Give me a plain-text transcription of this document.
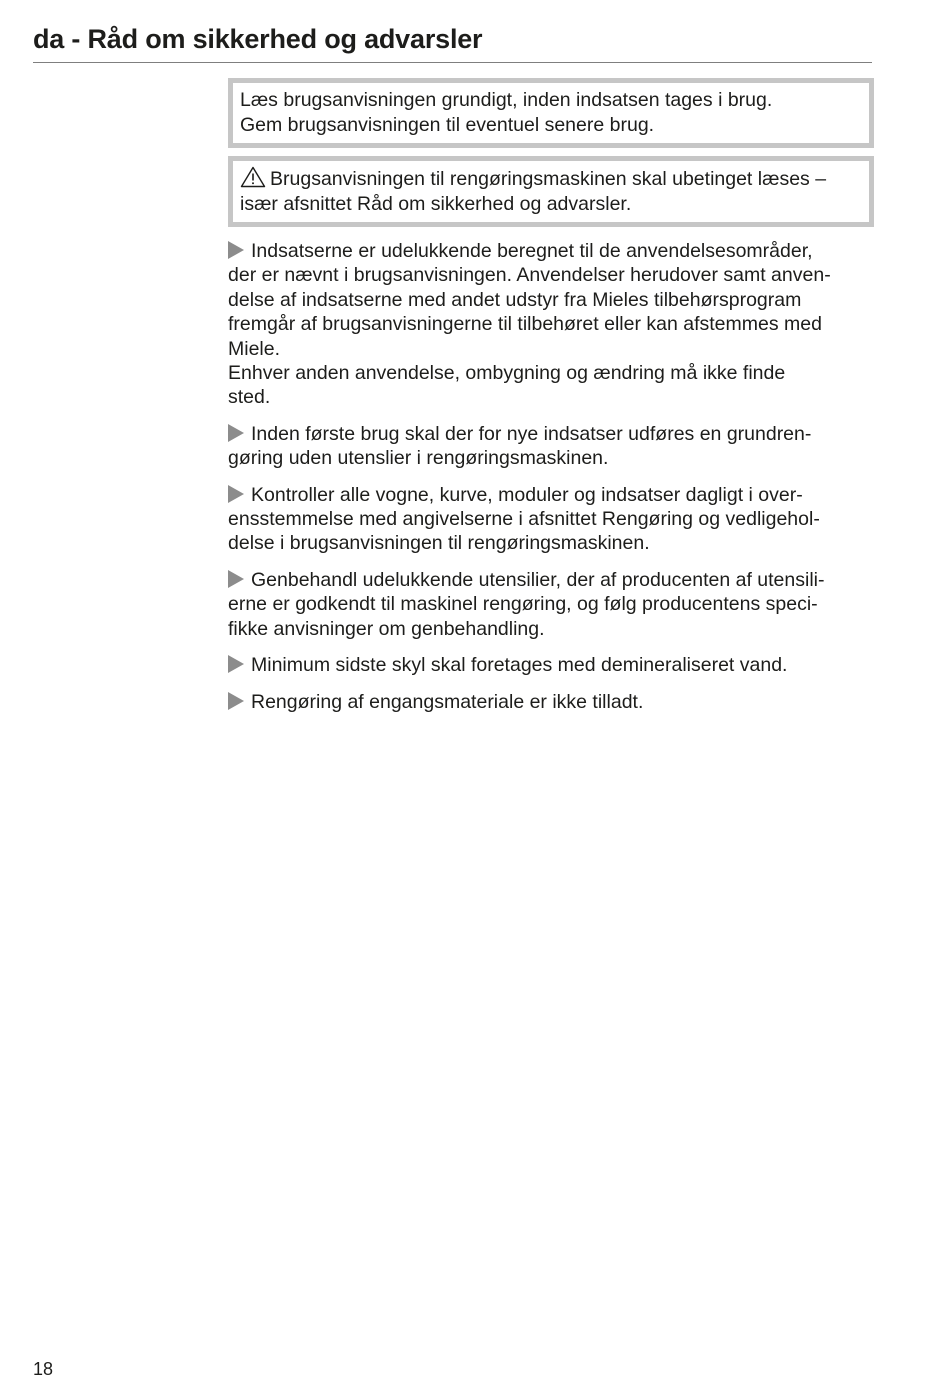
da - Råd om sikkerhed og advarsler

Læs brugsanvisningen grundigt, inden indsatsen tages i brug.

Gem brugsanvisningen til eventuel senere brug.

Brugsanvisningen til rengøringsmaskinen skal ubetinget læses –

især afsnittet Råd om sikkerhed og advarsler.

Indsatserne er udelukkende beregnet til de anvendelsesområder,

der er nævnt i brugsanvisningen. Anvendelser herudover samt anven-

delse af indsatserne med andet udstyr fra Mieles tilbehørsprogram

fremgår af brugsanvisningerne til tilbehøret eller kan afstemmes med

Miele.

Enhver anden anvendelse, ombygning og ændring må ikke finde

sted.

Inden første brug skal der for nye indsatser udføres en grundren-

gøring uden utenslier i rengøringsmaskinen.

Kontroller alle vogne, kurve, moduler og indsatser dagligt i over-

ensstemmelse med angivelserne i afsnittet Rengøring og vedligehol-

delse i brugsanvisningen til rengøringsmaskinen.

Genbehandl udelukkende utensilier, der af producenten af utensili-

erne er godkendt til maskinel rengøring, og følg producentens speci-

fikke anvisninger om genbehandling.

Minimum sidste skyl skal foretages med demineraliseret vand.

Rengøring af engangsmateriale er ikke tilladt.

18
